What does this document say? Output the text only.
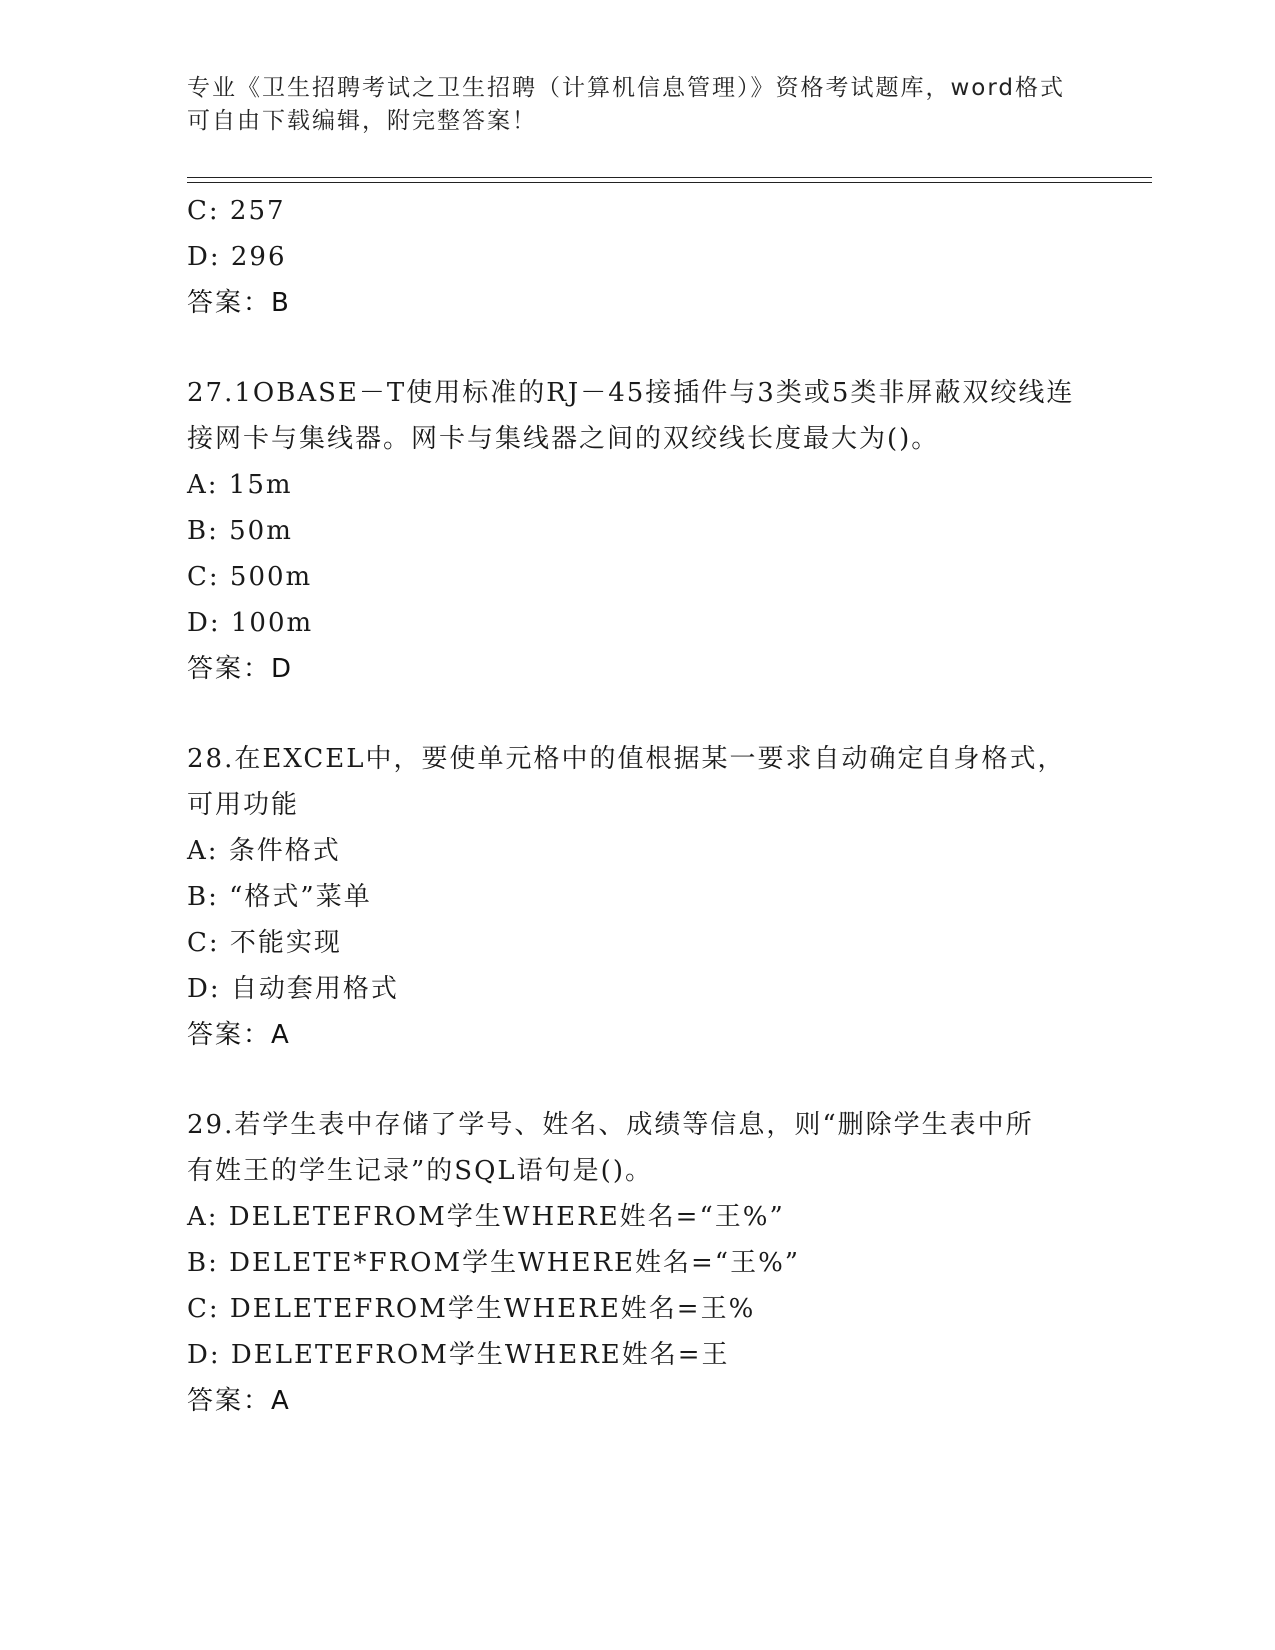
专业《卫生招聘考试之卫生招聘（计算机信息管理）》资格考试题库，word格式
可自由下载编辑，附完整答案！
C: 257
D: 296
答案：B
27.1OBASE－T使用标准的RJ－45接插件与3类或5类非屏蔽双绞线连
接网卡与集线器。网卡与集线器之间的双绞线长度最大为()。
A: 15m
B: 50m
C: 500m
D: 100m
答案：D
28.在EXCEL中，要使单元格中的值根据某一要求自动确定自身格式，
可用功能
A: 条件格式
B: “格式”菜单
C: 不能实现
D: 自动套用格式
答案：A
29.若学生表中存储了学号、姓名、成绩等信息，则“删除学生表中所
有姓王的学生记录”的SQL语句是()。
A: DELETEFROM学生WHERE姓名=“王%”
B: DELETE*FROM学生WHERE姓名=“王%”
C: DELETEFROM学生WHERE姓名=王%
D: DELETEFROM学生WHERE姓名=王
答案：A
